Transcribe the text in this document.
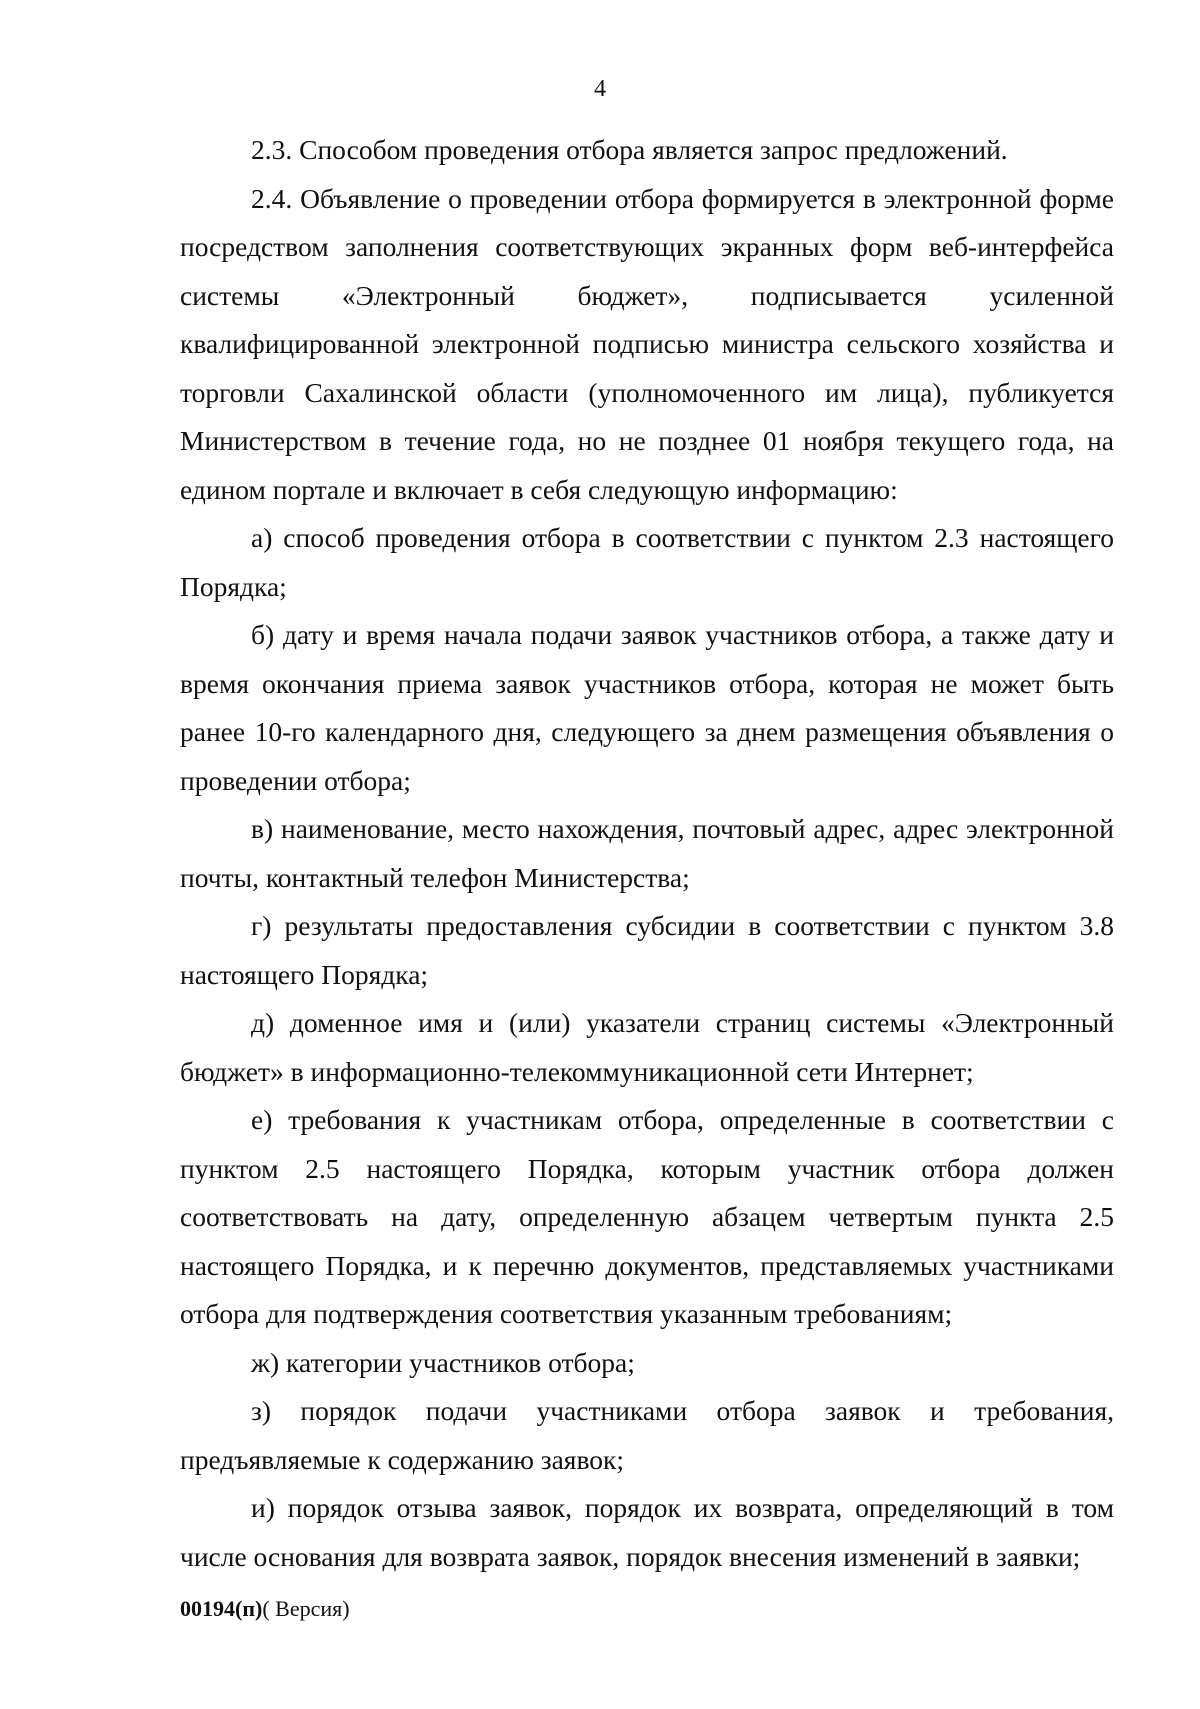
4

2.3. Способом проведения отбора является запрос предложений.

2.4. Объявление о проведении отбора формируется в электронной форме посредством заполнения соответствующих экранных форм веб-интерфейса системы «Электронный бюджет», подписывается усиленной квалифицированной электронной подписью министра сельского хозяйства и торговли Сахалинской области (уполномоченного им лица), публикуется Министерством в течение года, но не позднее 01 ноября текущего года, на едином портале и включает в себя следующую информацию:

а) способ проведения отбора в соответствии с пунктом 2.3 настоящего Порядка;

б) дату и время начала подачи заявок участников отбора, а также дату и время окончания приема заявок участников отбора, которая не может быть ранее 10-го календарного дня, следующего за днем размещения объявления о проведении отбора;

в) наименование, место нахождения, почтовый адрес, адрес электронной почты, контактный телефон Министерства;

г) результаты предоставления субсидии в соответствии с пунктом 3.8 настоящего Порядка;

д) доменное имя и (или) указатели страниц системы «Электронный бюджет» в информационно-телекоммуникационной сети Интернет;

е) требования к участникам отбора, определенные в соответствии с пунктом 2.5 настоящего Порядка, которым участник отбора должен соответствовать на дату, определенную абзацем четвертым пункта 2.5 настоящего Порядка, и к перечню документов, представляемых участниками отбора для подтверждения соответствия указанным требованиям;

ж) категории участников отбора;

з) порядок подачи участниками отбора заявок и требования, предъявляемые к содержанию заявок;

и) порядок отзыва заявок, порядок их возврата, определяющий в том числе основания для возврата заявок, порядок внесения изменений в заявки;

00194(п)( Версия)
